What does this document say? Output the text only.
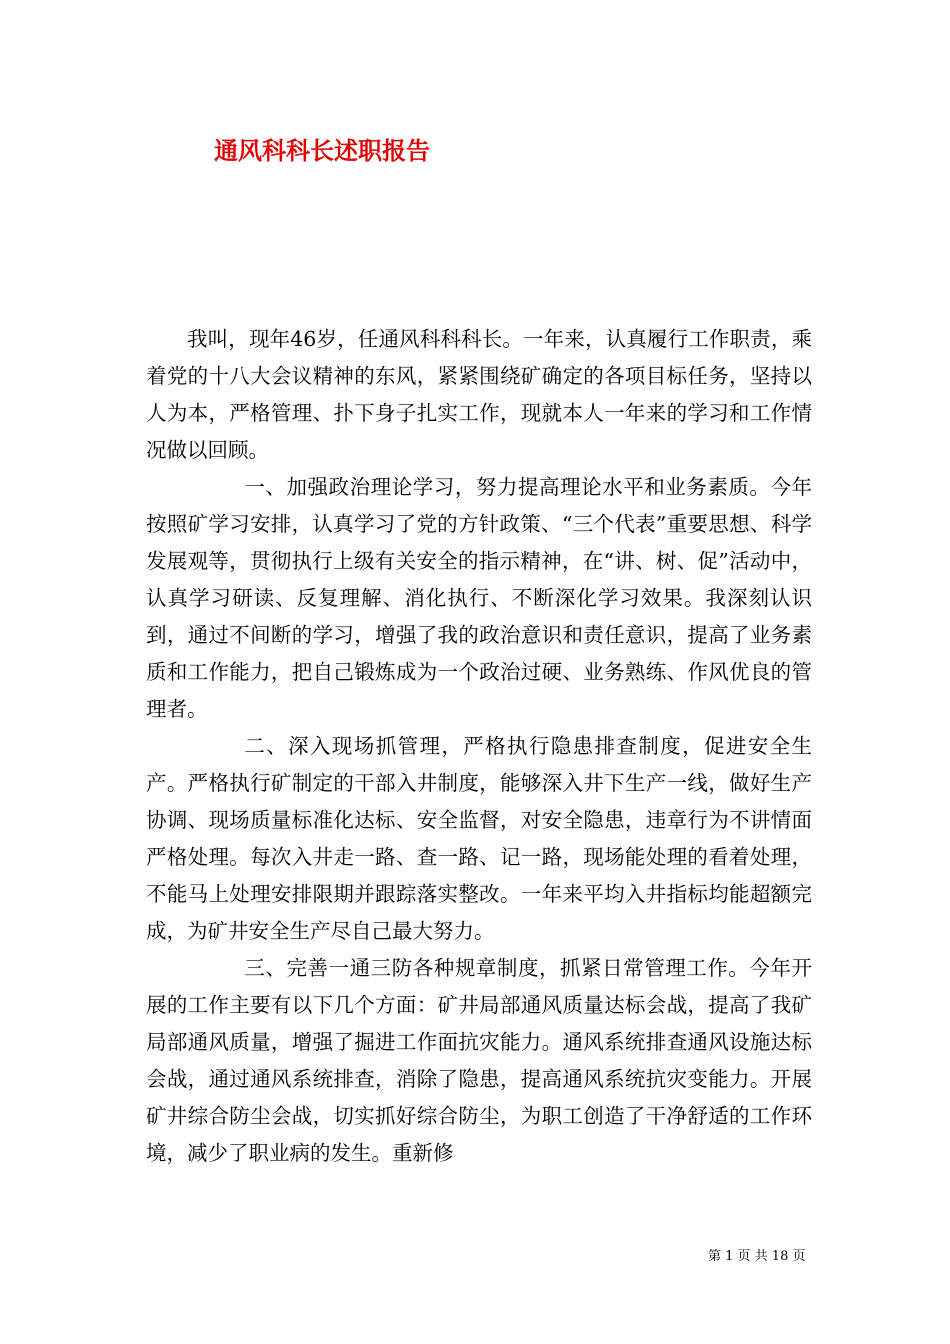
通风科科长述职报告

我叫，现年46岁，任通风科科科长。一年来，认真履行工作职责，乘着党的十八大会议精神的东风，紧紧围绕矿确定的各项目标任务，坚持以人为本，严格管理、扑下身子扎实工作，现就本人一年来的学习和工作情况做以回顾。

一、加强政治理论学习，努力提高理论水平和业务素质。今年按照矿学习安排，认真学习了党的方针政策、“三个代表”重要思想、科学发展观等，贯彻执行上级有关安全的指示精神，在“讲、树、促”活动中，认真学习研读、反复理解、消化执行、不断深化学习效果。我深刻认识到，通过不间断的学习，增强了我的政治意识和责任意识，提高了业务素质和工作能力，把自己锻炼成为一个政治过硬、业务熟练、作风优良的管理者。

二、深入现场抓管理，严格执行隐患排查制度，促进安全生产。严格执行矿制定的干部入井制度，能够深入井下生产一线，做好生产协调、现场质量标准化达标、安全监督，对安全隐患，违章行为不讲情面严格处理。每次入井走一路、查一路、记一路，现场能处理的看着处理，不能马上处理安排限期并跟踪落实整改。一年来平均入井指标均能超额完成，为矿井安全生产尽自己最大努力。

三、完善一通三防各种规章制度，抓紧日常管理工作。今年开展的工作主要有以下几个方面：矿井局部通风质量达标会战，提高了我矿局部通风质量，增强了掘进工作面抗灾能力。通风系统排查通风设施达标会战，通过通风系统排查，消除了隐患，提高通风系统抗灾变能力。开展矿井综合防尘会战，切实抓好综合防尘，为职工创造了干净舒适的工作环境，减少了职业病的发生。重新修

第 1 页 共 18 页
